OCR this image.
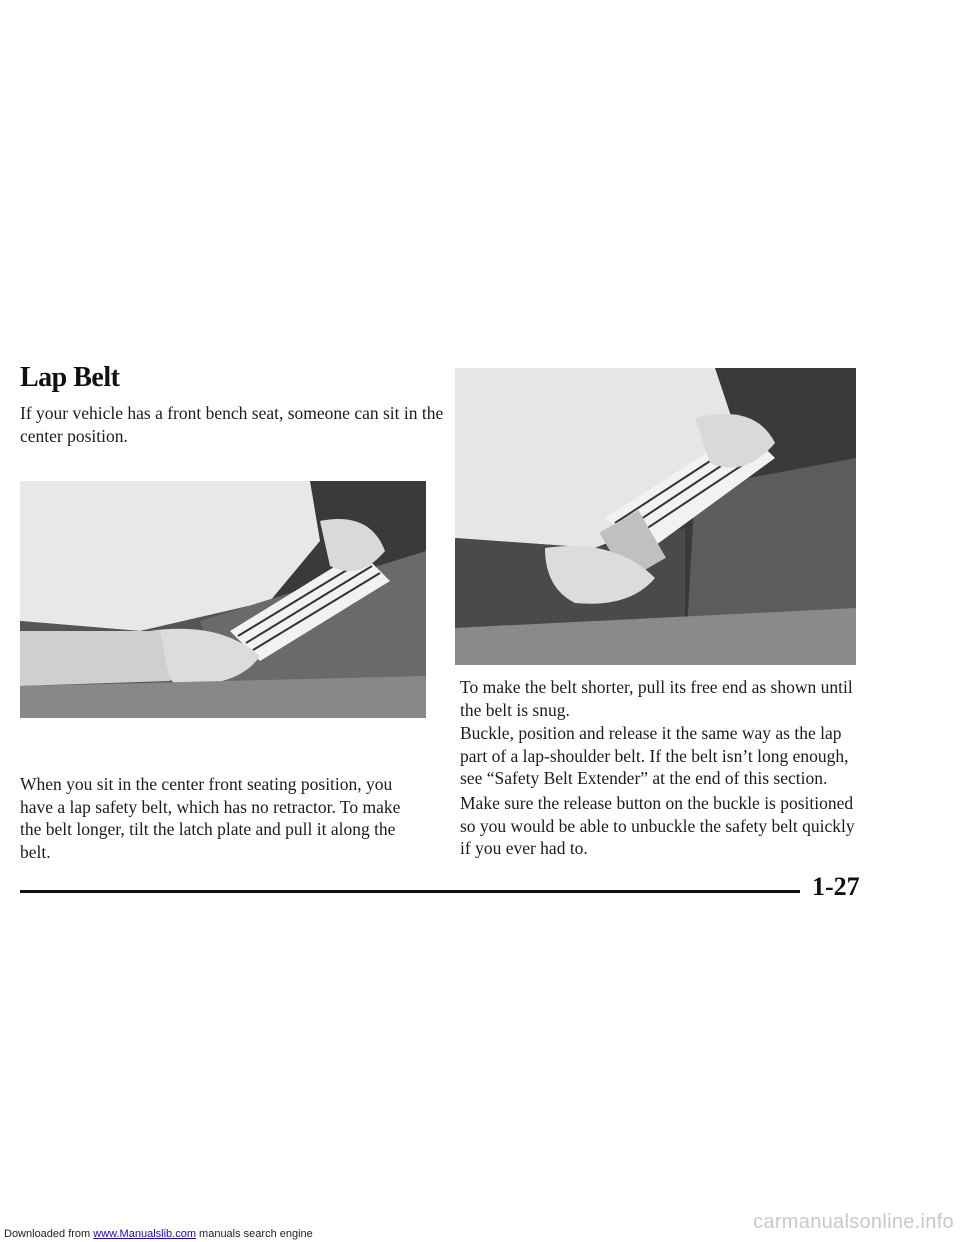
Lap Belt

If your vehicle has a front bench seat, someone can sit in the center position.

When you sit in the center front seating position, you have a lap safety belt, which has no retractor. To make the belt longer, tilt the latch plate and pull it along the belt.

To make the belt shorter, pull its free end as shown until the belt is snug.

Buckle, position and release it the same way as the lap part of a lap-shoulder belt. If the belt isn’t long enough, see “Safety Belt Extender” at the end of this section.

Make sure the release button on the buckle is positioned so you would be able to unbuckle the safety belt quickly if you ever had to.

1-27
carmanualsonline.info
Downloaded from www.Manualslib.com manuals search engine
